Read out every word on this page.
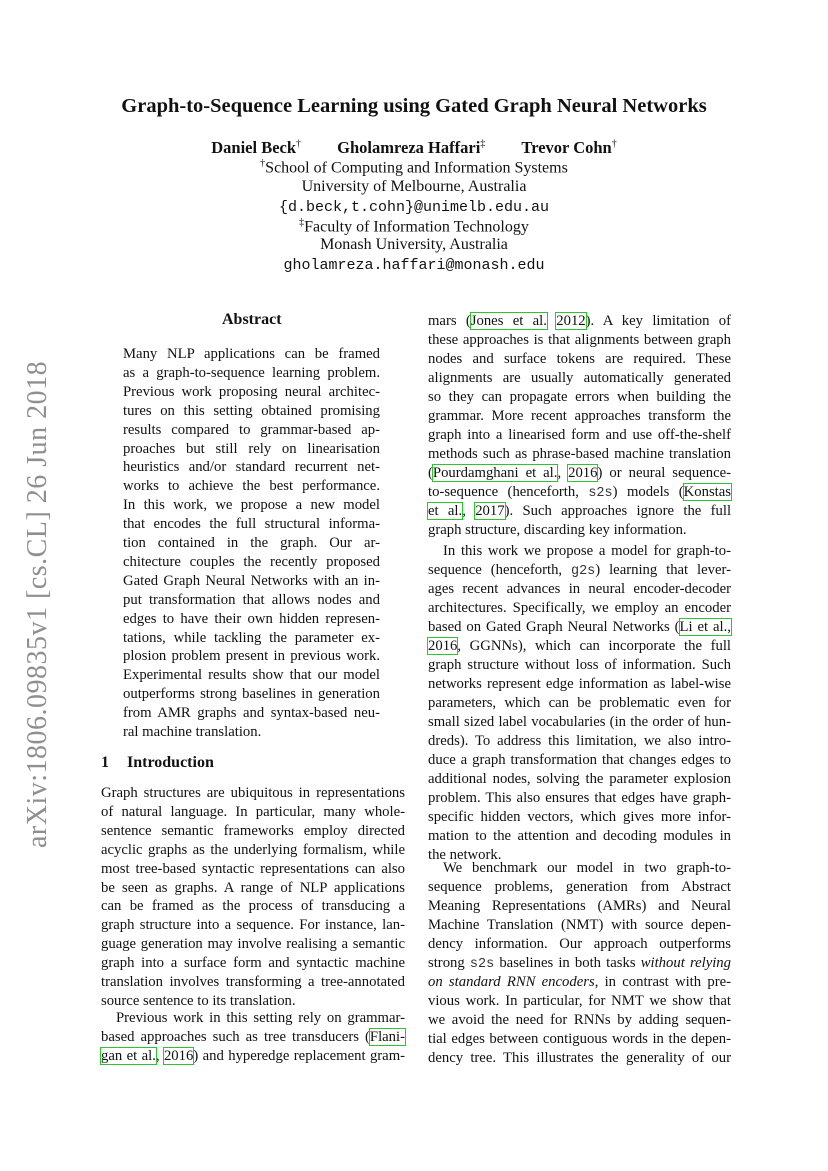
arXiv:1806.09835v1 [cs.CL] 26 Jun 2018
Graph-to-Sequence Learning using Gated Graph Neural Networks
Daniel Beck† Gholamreza Haffari‡ Trevor Cohn†
†School of Computing and Information Systems
University of Melbourne, Australia
{d.beck,t.cohn}@unimelb.edu.au
‡Faculty of Information Technology
Monash University, Australia
gholamreza.haffari@monash.edu
Abstract
Many NLP applications can be framed
as a graph-to-sequence learning problem.
Previous work proposing neural architec-
tures on this setting obtained promising
results compared to grammar-based ap-
proaches but still rely on linearisation
heuristics and/or standard recurrent net-
works to achieve the best performance.
In this work, we propose a new model
that encodes the full structural informa-
tion contained in the graph. Our ar-
chitecture couples the recently proposed
Gated Graph Neural Networks with an in-
put transformation that allows nodes and
edges to have their own hidden represen-
tations, while tackling the parameter ex-
plosion problem present in previous work.
Experimental results show that our model
outperforms strong baselines in generation
from AMR graphs and syntax-based neu-
ral machine translation.
1 Introduction
Graph structures are ubiquitous in representations
of natural language. In particular, many whole-
sentence semantic frameworks employ directed
acyclic graphs as the underlying formalism, while
most tree-based syntactic representations can also
be seen as graphs. A range of NLP applications
can be framed as the process of transducing a
graph structure into a sequence. For instance, lan-
guage generation may involve realising a semantic
graph into a surface form and syntactic machine
translation involves transforming a tree-annotated
source sentence to its translation.
Previous work in this setting rely on grammar-
based approaches such as tree transducers (Flani-
gan et al., 2016) and hyperedge replacement gram-
mars (Jones et al. 2012). A key limitation of
these approaches is that alignments between graph
nodes and surface tokens are required. These
alignments are usually automatically generated
so they can propagate errors when building the
grammar. More recent approaches transform the
graph into a linearised form and use off-the-shelf
methods such as phrase-based machine translation
(Pourdamghani et al., 2016) or neural sequence-
to-sequence (henceforth, s2s) models (Konstas
et al., 2017). Such approaches ignore the full
graph structure, discarding key information.
In this work we propose a model for graph-to-
sequence (henceforth, g2s) learning that lever-
ages recent advances in neural encoder-decoder
architectures. Specifically, we employ an encoder
based on Gated Graph Neural Networks (Li et al.,
2016, GGNNs), which can incorporate the full
graph structure without loss of information. Such
networks represent edge information as label-wise
parameters, which can be problematic even for
small sized label vocabularies (in the order of hun-
dreds). To address this limitation, we also intro-
duce a graph transformation that changes edges to
additional nodes, solving the parameter explosion
problem. This also ensures that edges have graph-
specific hidden vectors, which gives more infor-
mation to the attention and decoding modules in
the network.
We benchmark our model in two graph-to-
sequence problems, generation from Abstract
Meaning Representations (AMRs) and Neural
Machine Translation (NMT) with source depen-
dency information. Our approach outperforms
strong s2s baselines in both tasks without relying
on standard RNN encoders, in contrast with pre-
vious work. In particular, for NMT we show that
we avoid the need for RNNs by adding sequen-
tial edges between contiguous words in the depen-
dency tree. This illustrates the generality of our
